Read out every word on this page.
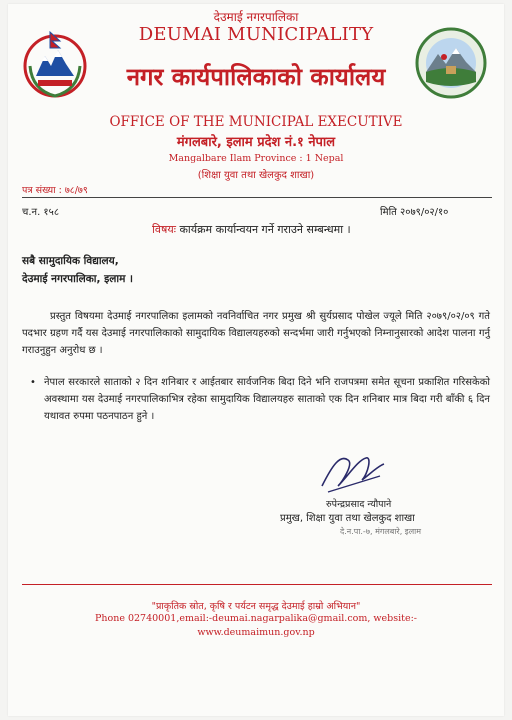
देउमाई नगरपालिका
DEUMAI MUNICIPALITY
नगर कार्यपालिकाको कार्यालय
OFFICE OF THE MUNICIPAL EXECUTIVE
मंगलबारे, इलाम प्रदेश नं.१ नेपाल
Mangalbare Ilam Province : 1 Nepal
(शिक्षा युवा तथा खेलकुद शाखा)
पत्र संख्या : ७८/७९
च.न. १५८	मिति २०७९/०२/१०
विषयः कार्यक्रम कार्यान्वयन गर्ने गराउने सम्बन्धमा ।
सबै सामुदायिक विद्यालय,
देउमाई नगरपालिका, इलाम ।
प्रस्तुत विषयमा देउमाई नगरपालिका इलामको नवनिर्वाचित नगर प्रमुख श्री सुर्यप्रसाद पोखेल ज्यूले मिति २०७९/०२/०९ गते पदभार ग्रहण गर्दै यस देउमाई नगरपालिकाको सामुदायिक विद्यालयहरुको सन्दर्भमा जारी गर्नुभएको निम्नानुसारको आदेश पालना गर्नु गराउनुहुन अनुरोध छ ।
• नेपाल सरकारले साताको २ दिन शनिबार र आईतबार सार्वजनिक बिदा दिने भनि राजपत्रमा समेत सूचना प्रकाशित गरिसकेको अवस्थामा यस देउमाई नगरपालिकाभित्र रहेका सामुदायिक विद्यालयहरु साताको एक दिन शनिबार मात्र बिदा गरी बाँकी ६ दिन यथावत रुपमा पठनपाठन हुने ।
रुपेन्द्रप्रसाद न्यौपाने
प्रमुख, शिक्षा युवा तथा खेलकुद शाखा
दे.न.पा.-७, मंगलबारे, इलाम
"प्राकृतिक स्रोत, कृषि र पर्यटन समृद्ध देउमाई हाम्रो अभियान"
Phone 02740001,email:-deumai.nagarpalika@gmail.com, website:-
www.deumaimun.gov.np
